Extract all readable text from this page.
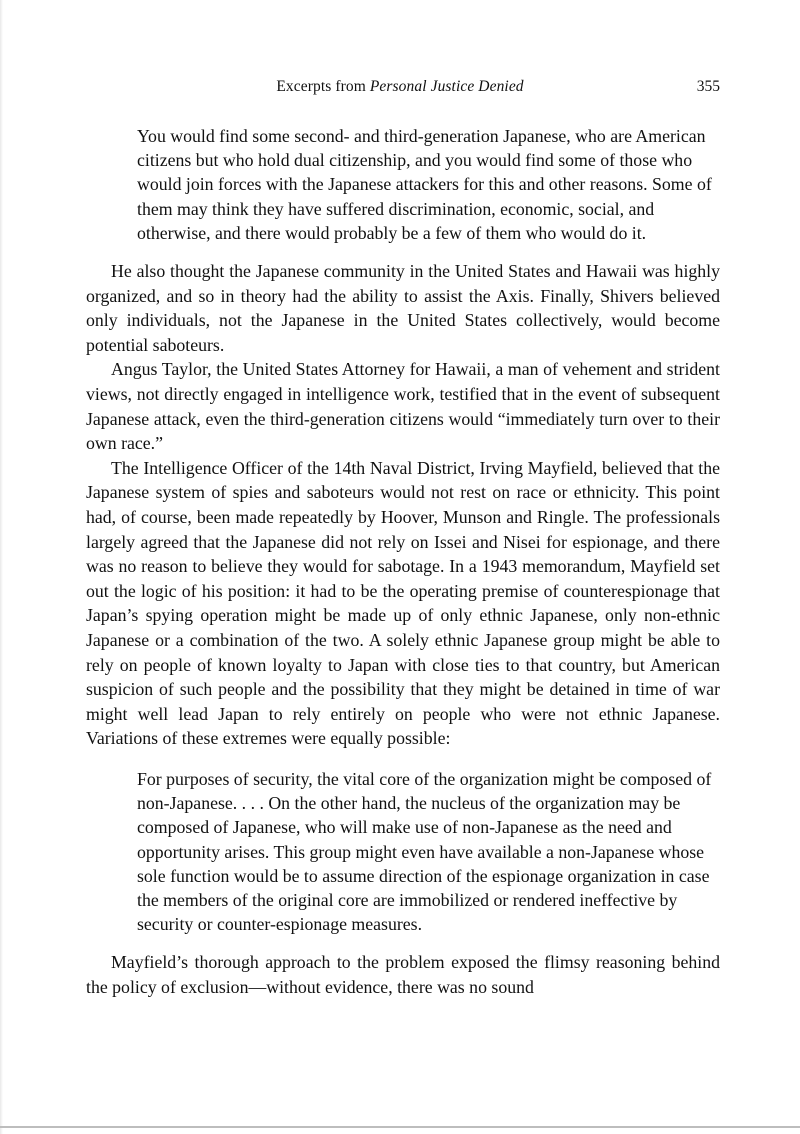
Excerpts from Personal Justice Denied	355

You would find some second- and third-generation Japanese, who are American citizens but who hold dual citizenship, and you would find some of those who would join forces with the Japanese attackers for this and other reasons. Some of them may think they have suffered discrimination, economic, social, and otherwise, and there would probably be a few of them who would do it.

He also thought the Japanese community in the United States and Hawaii was highly organized, and so in theory had the ability to assist the Axis. Finally, Shivers believed only individuals, not the Japanese in the United States collectively, would become potential saboteurs.

Angus Taylor, the United States Attorney for Hawaii, a man of vehement and strident views, not directly engaged in intelligence work, testified that in the event of subsequent Japanese attack, even the third-generation citizens would “immediately turn over to their own race.”

The Intelligence Officer of the 14th Naval District, Irving Mayfield, believed that the Japanese system of spies and saboteurs would not rest on race or ethnicity. This point had, of course, been made repeatedly by Hoover, Munson and Ringle. The professionals largely agreed that the Japanese did not rely on Issei and Nisei for espionage, and there was no reason to believe they would for sabotage. In a 1943 memorandum, Mayfield set out the logic of his position: it had to be the operating premise of counterespionage that Japan’s spying operation might be made up of only ethnic Japanese, only non-ethnic Japanese or a combination of the two. A solely ethnic Japanese group might be able to rely on people of known loyalty to Japan with close ties to that country, but American suspicion of such people and the possibility that they might be detained in time of war might well lead Japan to rely entirely on people who were not ethnic Japanese. Variations of these extremes were equally possible:

For purposes of security, the vital core of the organization might be composed of non-Japanese. . . . On the other hand, the nucleus of the organization may be composed of Japanese, who will make use of non-Japanese as the need and opportunity arises. This group might even have available a non-Japanese whose sole function would be to assume direction of the espionage organization in case the members of the original core are immobilized or rendered ineffective by security or counter-espionage measures.

Mayfield’s thorough approach to the problem exposed the flimsy reasoning behind the policy of exclusion—without evidence, there was no sound
